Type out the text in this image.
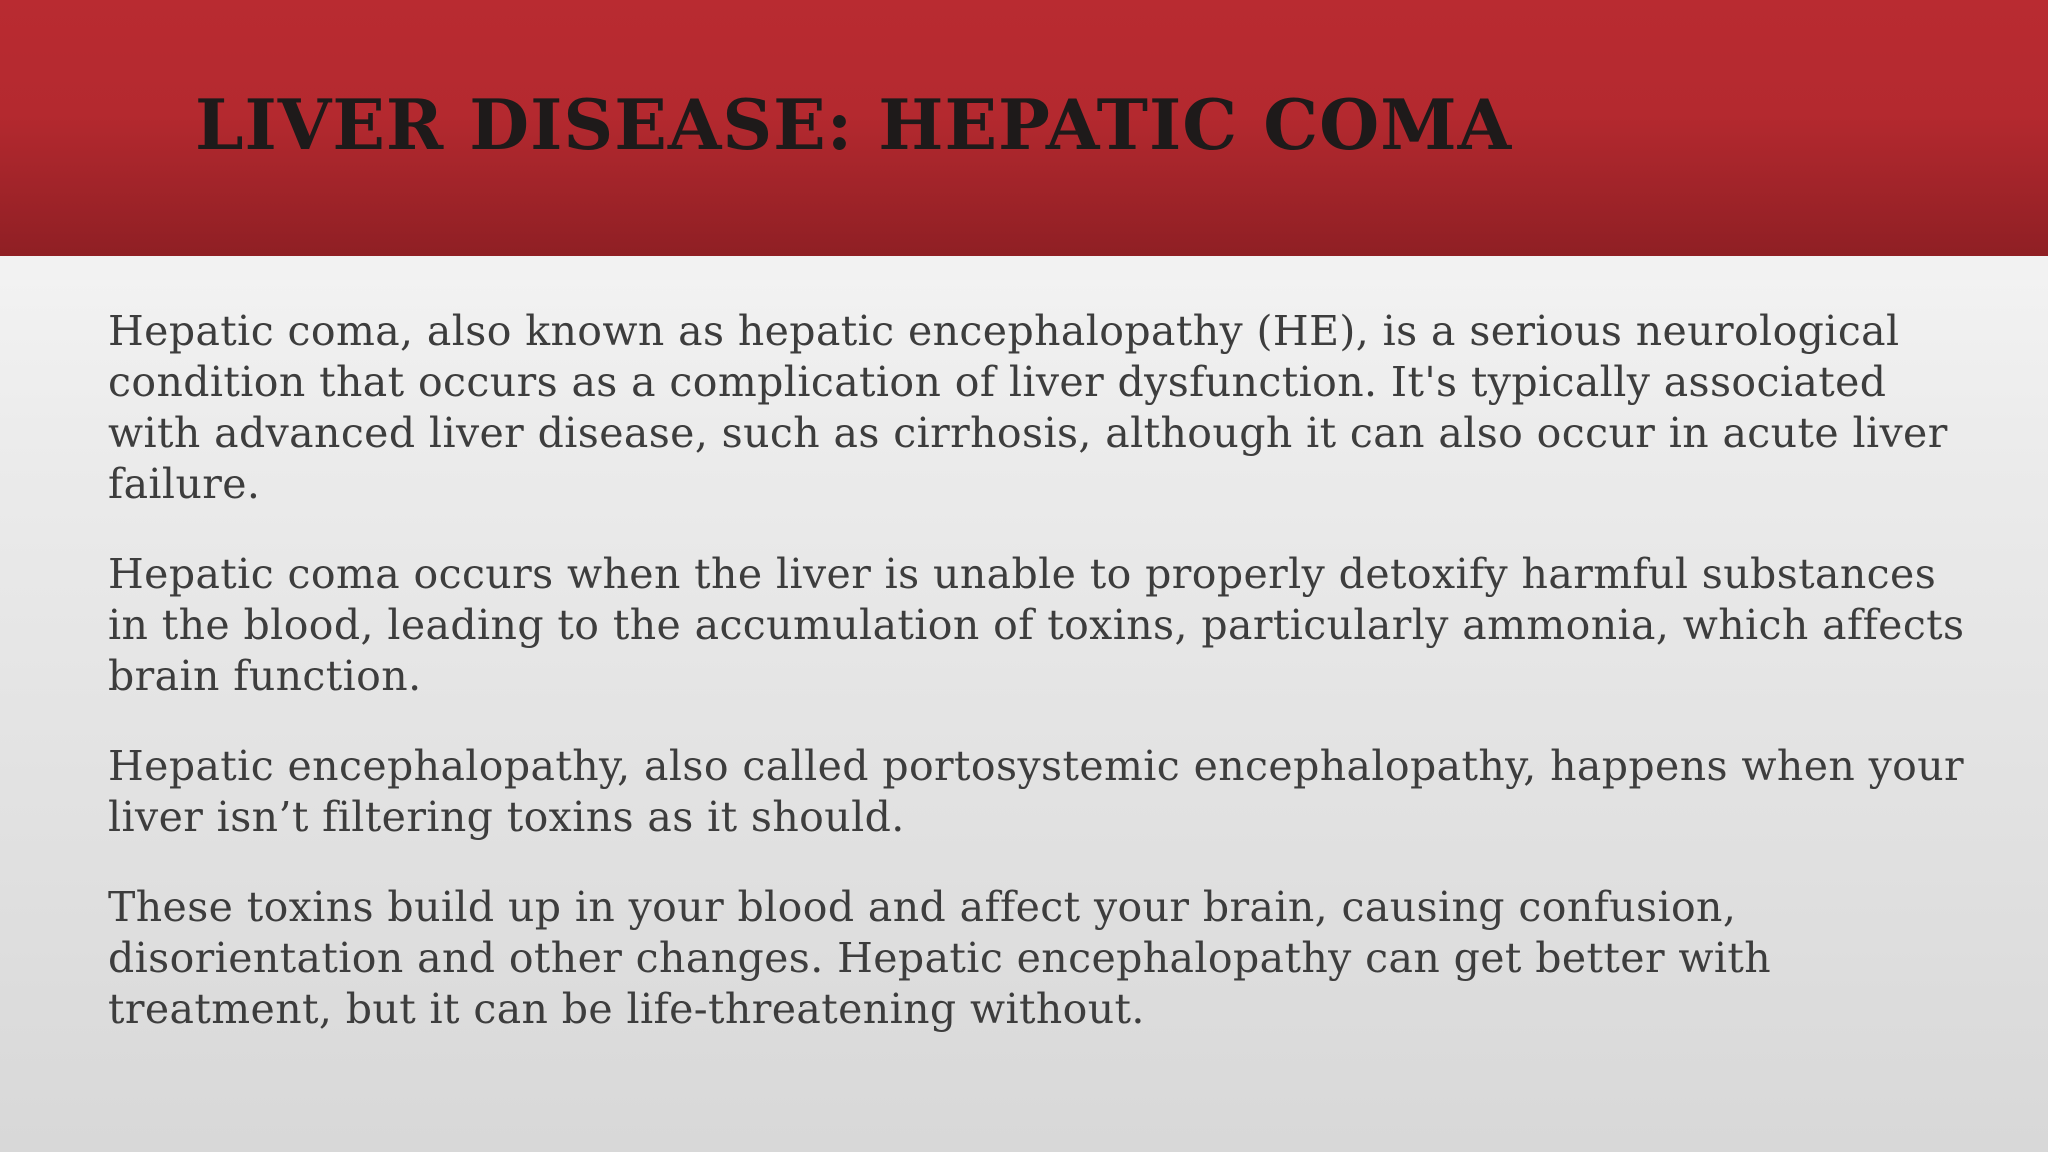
LIVER DISEASE: HEPATIC COMA

Hepatic coma, also known as hepatic encephalopathy (HE), is a serious neurological
condition that occurs as a complication of liver dysfunction. It's typically associated
with advanced liver disease, such as cirrhosis, although it can also occur in acute liver
failure.

Hepatic coma occurs when the liver is unable to properly detoxify harmful substances
in the blood, leading to the accumulation of toxins, particularly ammonia, which affects
brain function.

Hepatic encephalopathy, also called portosystemic encephalopathy, happens when your
liver isn’t filtering toxins as it should.

These toxins build up in your blood and affect your brain, causing confusion,
disorientation and other changes. Hepatic encephalopathy can get better with
treatment, but it can be life-threatening without.
